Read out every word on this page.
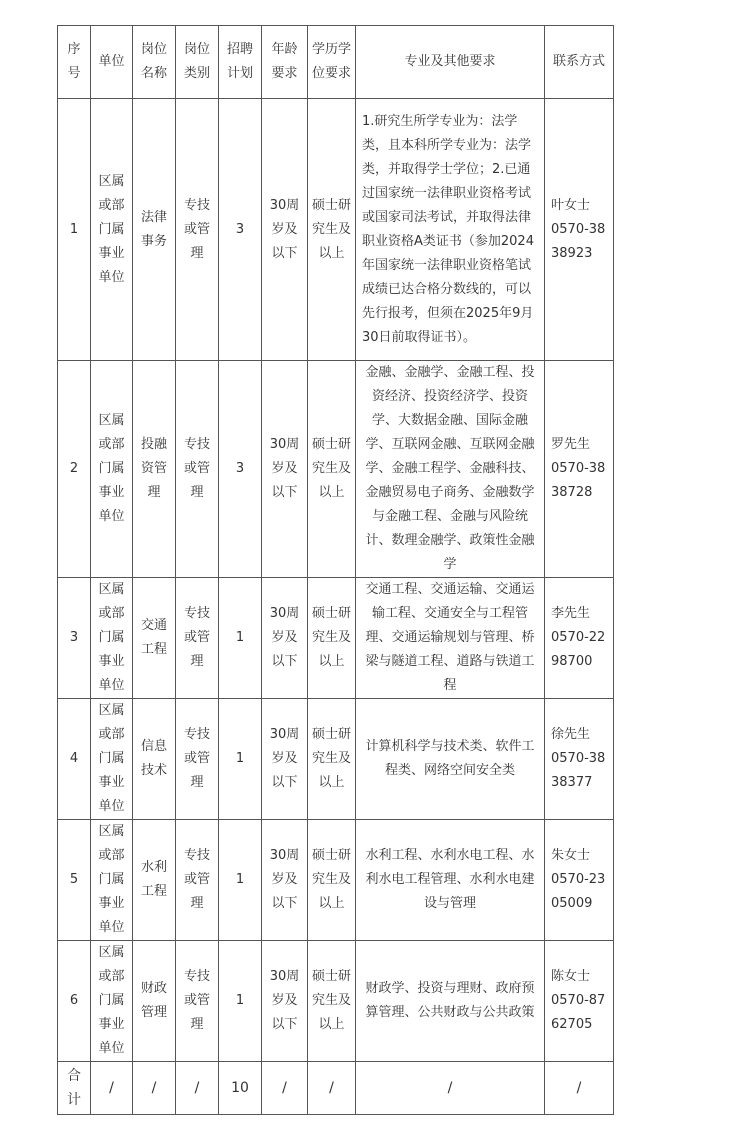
序号	单位	岗位名称	岗位类别	招聘计划	年龄要求	学历学位要求	专业及其他要求	联系方式
1	区属或部门属事业单位	法律事务	专技或管理	3	30周岁及以下	硕士研究生及以上	1.研究生所学专业为：法学类，且本科所学专业为：法学类，并取得学士学位；2.已通过国家统一法律职业资格考试或国家司法考试，并取得法律职业资格A类证书（参加2024年国家统一法律职业资格笔试成绩已达合格分数线的，可以先行报考，但须在2025年9月30日前取得证书）。	叶女士
0570-3838923

2	区属或部门属事业单位	投融资管理	专技或管理	3	30周岁及以下	硕士研究生及以上	金融、金融学、金融工程、投资经济、投资经济学、投资学、大数据金融、国际金融学、互联网金融、互联网金融学、金融工程学、金融科技、金融贸易电子商务、金融数学与金融工程、金融与风险统计、数理金融学、政策性金融学	罗先生
0570-3838728

3	区属或部门属事业单位	交通工程	专技或管理	1	30周岁及以下	硕士研究生及以上	交通工程、交通运输、交通运输工程、交通安全与工程管理、交通运输规划与管理、桥梁与隧道工程、道路与铁道工程	李先生
0570-2298700

4	区属或部门属事业单位	信息技术	专技或管理	1	30周岁及以下	硕士研究生及以上	计算机科学与技术类、软件工程类、网络空间安全类	徐先生
0570-3838377

5	区属或部门属事业单位	水利工程	专技或管理	1	30周岁及以下	硕士研究生及以上	水利工程、水利水电工程、水利水电工程管理、水利水电建设与管理	朱女士
0570-2305009

6	区属或部门属事业单位	财政管理	专技或管理	1	30周岁及以下	硕士研究生及以上	财政学、投资与理财、政府预算管理、公共财政与公共政策	陈女士
0570-8762705

合计	/	/	/	10	/	/	/	/
